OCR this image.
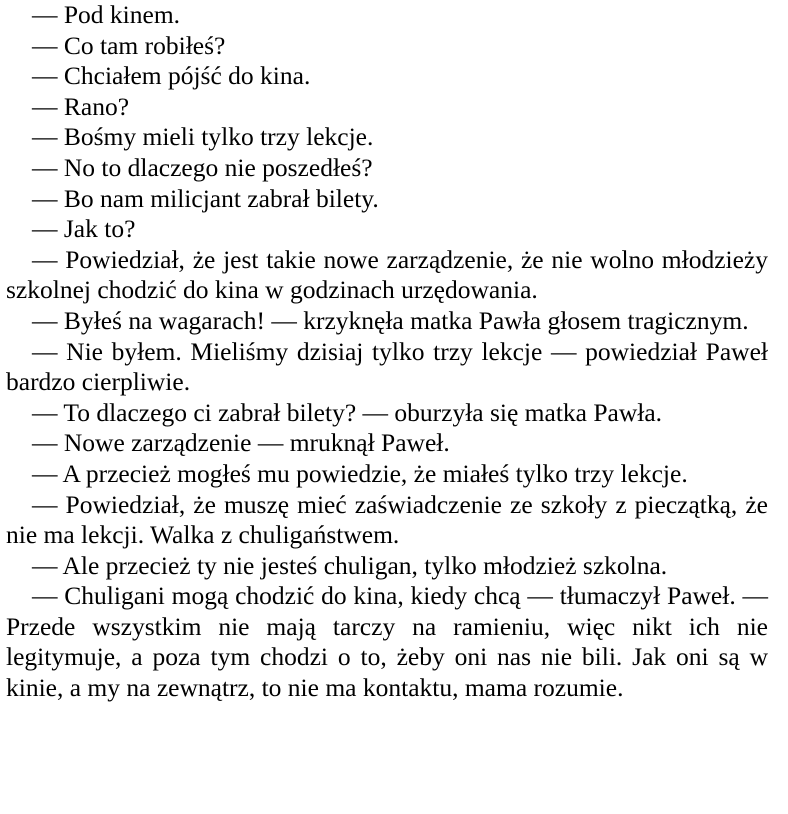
— Pod kinem.

— Co tam robiłeś?

— Chciałem pójść do kina.

— Rano?

— Bośmy mieli tylko trzy lekcje.

— No to dlaczego nie poszedłeś?

— Bo nam milicjant zabrał bilety.

— Jak to?

— Powiedział, że jest takie nowe zarządzenie, że nie wolno młodzieży szkolnej chodzić do kina w godzinach urzędowania.

— Byłeś na wagarach! — krzyknęła matka Pawła głosem tragicznym.

— Nie byłem. Mieliśmy dzisiaj tylko trzy lekcje — powiedział Paweł bardzo cierpliwie.

— To dlaczego ci zabrał bilety? — oburzyła się matka Pawła.

— Nowe zarządzenie — mruknął Paweł.

— A przecież mogłeś mu powiedzie, że miałeś tylko trzy lekcje.

— Powiedział, że muszę mieć zaświadczenie ze szkoły z pieczątką, że nie ma lekcji. Walka z chuligaństwem.

— Ale przecież ty nie jesteś chuligan, tylko młodzież szkolna.

— Chuligani mogą chodzić do kina, kiedy chcą — tłumaczył Paweł. — Przede wszystkim nie mają tarczy na ramieniu, więc nikt ich nie legitymuje, a poza tym chodzi o to, żeby oni nas nie bili. Jak oni są w kinie, a my na zewnątrz, to nie ma kontaktu, mama rozumie.
